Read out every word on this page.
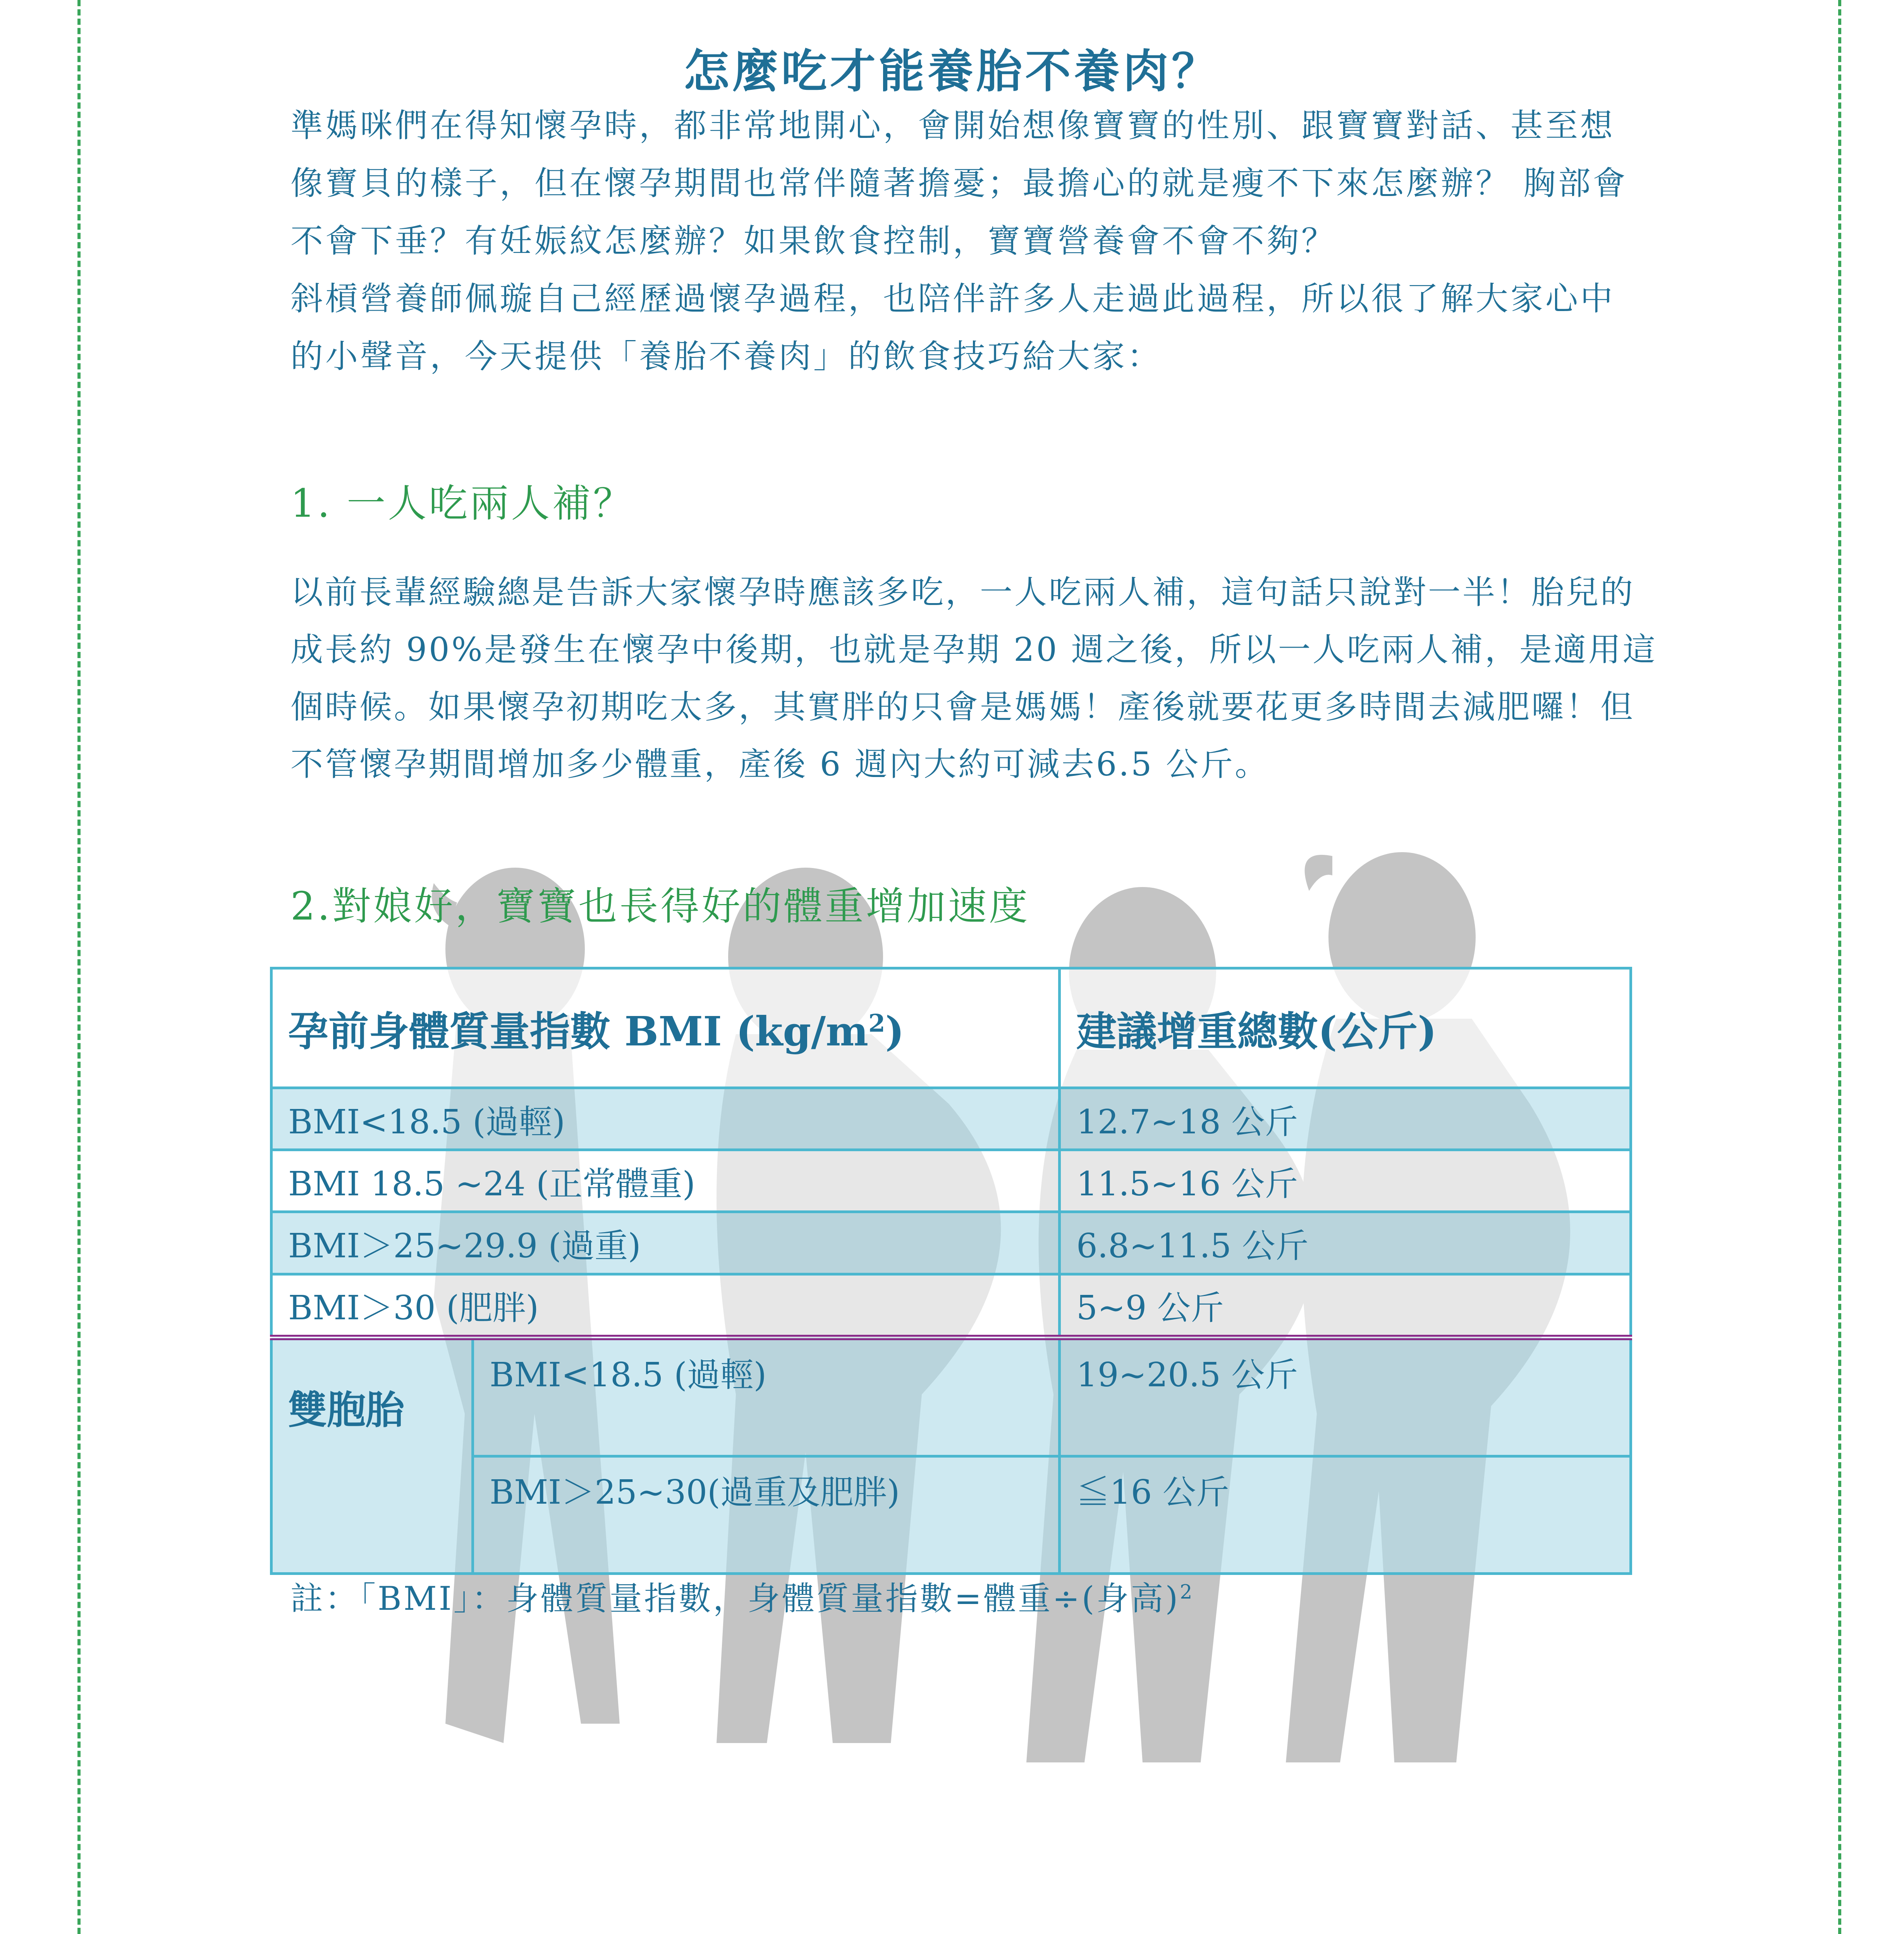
怎麼吃才能養胎不養肉？

準媽咪們在得知懷孕時，都非常地開心，會開始想像寶寶的性別、跟寶寶對話、甚至想像寶貝的樣子，但在懷孕期間也常伴隨著擔憂；最擔心的就是瘦不下來怎麼辦？ 胸部會不會下垂？有妊娠紋怎麼辦？如果飲食控制，寶寶營養會不會不夠？

斜槓營養師佩璇自己經歷過懷孕過程，也陪伴許多人走過此過程，所以很了解大家心中的小聲音，今天提供「養胎不養肉」的飲食技巧給大家：

1. 一人吃兩人補？

以前長輩經驗總是告訴大家懷孕時應該多吃，一人吃兩人補，這句話只說對一半！胎兒的成長約 90%是發生在懷孕中後期，也就是孕期 20 週之後，所以一人吃兩人補，是適用這個時候。如果懷孕初期吃太多，其實胖的只會是媽媽！產後就要花更多時間去減肥囉！但不管懷孕期間增加多少體重，產後 6 週內大約可減去6.5 公斤。

2.對娘好，寶寶也長得好的體重增加速度
孕前身體質量指數 BMI $(kg/m^2)$		建議增重總數(公斤)
BMI<18.5 (過輕)		12.7~18 公斤
BMI 18.5 ~24 (正常體重)		11.5~16 公斤
BMI＞25~29.9 (過重)		6.8~11.5 公斤
BMI＞30 (肥胖)		5~9 公斤
雙胞胎	BMI<18.5 (過輕)	19~20.5 公斤
	BMI＞25~30(過重及肥胖)	≦16 公斤

註：「BMI」：身體質量指數，身體質量指數=體重÷(身高)$^2$
